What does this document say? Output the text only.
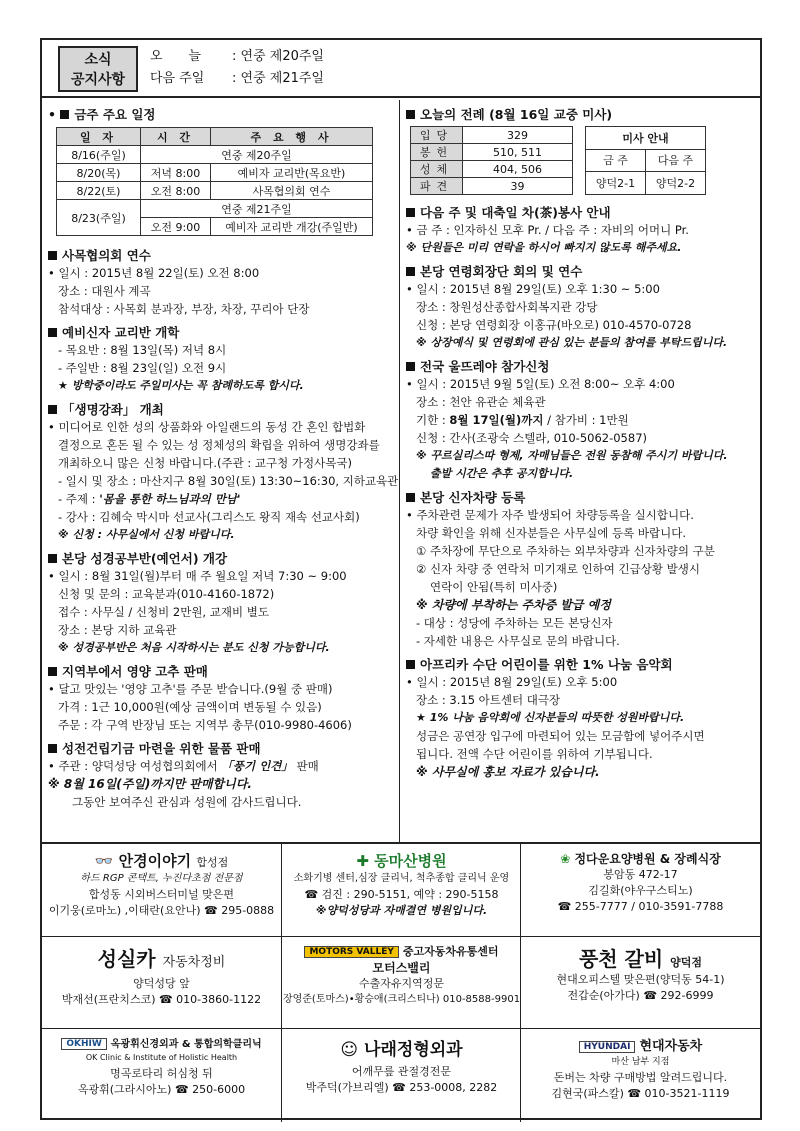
소식
공지사항
오　　늘	: 연중 제20주일
다음 주일	: 연중 제21주일
• 금주 주요 일정
일 자	시 간	주 요 행 사
8/16(주일)	연중 제20주일	
8/20(목)	저녁 8:00	예비자 교리반(목요반)
8/22(토)	오전 8:00	사목협의회 연수
8/23(주일)	연중 제21주일	
	오전 9:00	예비자 교리반 개강(주일반)
사목협의회 연수
• 일시 : 2015년 8월 22일(토) 오전 8:00
장소 : 대원사 계곡
참석대상 : 사목회 분과장, 부장, 차장, 꾸리아 단장
예비신자 교리반 개학
- 목요반 : 8월 13일(목) 저녁 8시
- 주일반 : 8월 23일(일) 오전 9시
★ 방학중이라도 주일미사는 꼭 참례하도록 합시다.
「생명강좌」 개최
• 미디어로 인한 성의 상품화와 아일랜드의 동성 간 혼인 합법화
결정으로 혼돈 될 수 있는 성 정체성의 확립을 위하여 생명강좌를
개최하오니 많은 신청 바랍니다.(주관 : 교구청 가정사목국)
- 일시 및 장소 : 마산지구 8월 30일(토) 13:30~16:30, 지하교육관
- 주제 : '몸을 통한 하느님과의 만남'
- 강사 : 김혜숙 막시마 선교사(그리스도 왕직 재속 선교사회)
※ 신청 : 사무실에서 신청 바랍니다.
본당 성경공부반(예언서) 개강
• 일시 : 8월 31일(월)부터 매 주 월요일 저녁 7:30 ~ 9:00
신청 및 문의 : 교육분과(010-4160-1872)
접수 : 사무실 / 신청비 2만원, 교재비 별도
장소 : 본당 지하 교육관
※ 성경공부반은 처음 시작하시는 분도 신청 가능합니다.
지역부에서 영양 고추 판매
• 달고 맛있는 '영양 고추'를 주문 받습니다.(9월 중 판매)
가격 : 1근 10,000원(예상 금액이며 변동될 수 있음)
주문 : 각 구역 반장님 또는 지역부 총무(010-9980-4606)
성전건립기금 마련을 위한 물품 판매
• 주관 : 양덕성당 여성협의회에서 「풍기 인견」 판매
※ 8월 16일(주일)까지만 판매합니다.
그동안 보여주신 관심과 성원에 감사드립니다.
오늘의 전례 (8월 16일 교중 미사)
입당	329
봉헌	510, 511
성체	404, 506
파견	39
미사 안내	
금 주	다음 주
양덕2-1	양덕2-2
다음 주 및 대축일 차(茶)봉사 안내
• 금 주 : 인자하신 모후 Pr. / 다음 주 : 자비의 어머니 Pr.
※ 단원들은 미리 연락을 하시어 빠지지 않도록 해주세요.
본당 연령회장단 회의 및 연수
• 일시 : 2015년 8월 29일(토) 오후 1:30 ~ 5:00
장소 : 창원성산종합사회복지관 강당
신청 : 본당 연령회장 이홍규(바오로) 010-4570-0728
※ 상장예식 및 연령회에 관심 있는 분들의 참여를 부탁드립니다.
전국 울뜨레야 참가신청
• 일시 : 2015년 9월 5일(토) 오전 8:00~ 오후 4:00
장소 : 천안 유관순 체육관
기한 : 8월 17일(월)까지 / 참가비 : 1만원
신청 : 간사(조광숙 스텔라, 010-5062-0587)
※ 꾸르실리스따 형제, 자매님들은 전원 동참해 주시기 바랍니다.
출발 시간은 추후 공지합니다.
본당 신자차량 등록
• 주차관련 문제가 자주 발생되어 차량등록을 실시합니다.
차량 확인을 위해 신자분들은 사무실에 등록 바랍니다.
① 주차장에 무단으로 주차하는 외부차량과 신자차량의 구분
② 신자 차량 중 연락처 미기재로 인하여 긴급상황 발생시
연락이 안됨(특히 미사중)
※ 차량에 부착하는 주차증 발급 예정
- 대상 : 성당에 주차하는 모든 본당신자
- 자세한 내용은 사무실로 문의 바랍니다.
아프리카 수단 어린이를 위한 1% 나눔 음악회
• 일시 : 2015년 8월 29일(토) 오후 5:00
장소 : 3.15 아트센터 대극장
★ 1% 나눔 음악회에 신자분들의 따뜻한 성원바랍니다.
성금은 공연장 입구에 마련되어 있는 모금함에 넣어주시면
됩니다. 전액 수단 어린이를 위하여 기부됩니다.
※ 사무실에 홍보 자료가 있습니다.
👓 안경이야기 합성점
하드 RGP 콘택트, 누진다초점 전문점
합성동 시외버스터미널 맞은편
이기웅(로마노) ,이태란(요안나) ☎ 295-0888
✚ 동마산병원
소화기병 센터,심장 클리닉, 척추종합 클리닉 운영
☎ 검진 : 290-5151, 예약 : 290-5158
※양덕성당과 자매결연 병원입니다.
❀ 정다운요양병원 & 장례식장
봉암동 472-17
김길화(야우구스티노)
☎ 255-7777 / 010-3591-7788
성실카 자동차정비
양덕성당 앞
박재선(프란치스코) ☎ 010-3860-1122
MOTORS VALLEY 중고자동차유통센터
모터스밸리
수출자유지역정문
장영준(토마스)•황승애(크리스티나) 010-8588-9901
풍천 갈비 양덕점
현대오피스텔 맞은편(양덕동 54-1)
전갑순(아가다) ☎ 292-6999
OKHIW 옥광휘신경외과 & 통합의학클리닉
OK Clinic & Institute of Holistic Health
명곡로타리 허심청 뒤
옥광휘(그라시아노) ☎ 250-6000
☺ 나래정형외과
어깨무릎 관절경전문
박주덕(가브리엘) ☎ 253-0008, 2282
HYUNDAI 현대자동차
마산 남부 지점
돈버는 차량 구매방법 알려드립니다.
김현국(파스칼) ☎ 010-3521-1119
